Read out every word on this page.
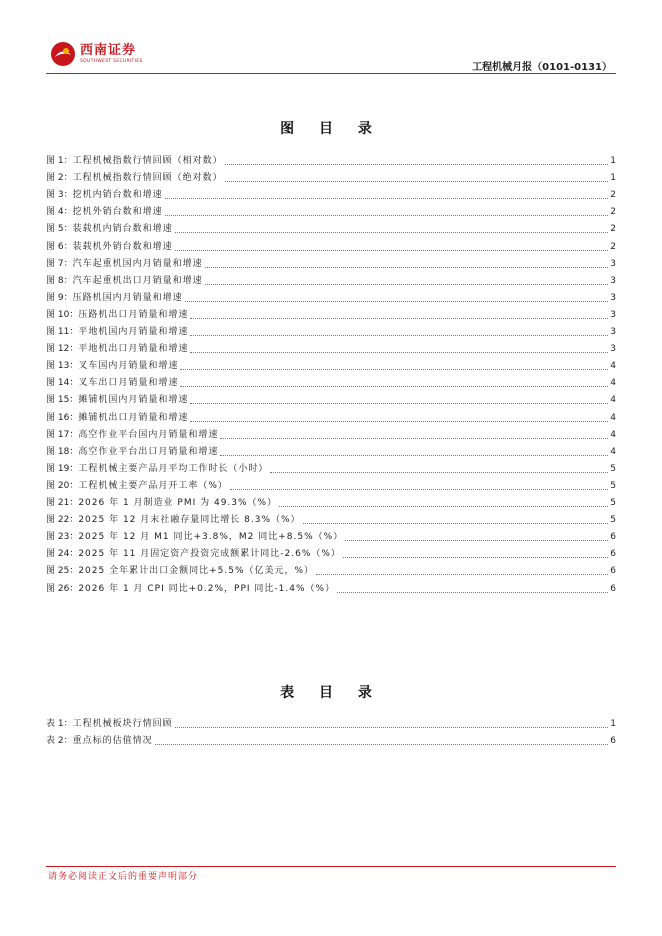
西南证券
SOUTHWEST SECURITIES
工程机械月报（0101-0131）
图 目 录
图 1： 工程机械指数行情回顾（相对数）	1
图 2： 工程机械指数行情回顾（绝对数）	1
图 3： 挖机内销台数和增速	2
图 4： 挖机外销台数和增速	2
图 5： 装载机内销台数和增速	2
图 6： 装载机外销台数和增速	2
图 7： 汽车起重机国内月销量和增速	3
图 8： 汽车起重机出口月销量和增速	3
图 9： 压路机国内月销量和增速	3
图 10： 压路机出口月销量和增速	3
图 11： 平地机国内月销量和增速	3
图 12： 平地机出口月销量和增速	3
图 13： 叉车国内月销量和增速	4
图 14： 叉车出口月销量和增速	4
图 15： 摊铺机国内月销量和增速	4
图 16： 摊铺机出口月销量和增速	4
图 17： 高空作业平台国内月销量和增速	4
图 18： 高空作业平台出口月销量和增速	4
图 19： 工程机械主要产品月平均工作时长（小时）	5
图 20： 工程机械主要产品月开工率（%）	5
图 21： 2026 年 1 月制造业 PMI 为 49.3%（%）	5
图 22： 2025 年 12 月末社融存量同比增长 8.3%（%）	5
图 23： 2025 年 12 月 M1 同比+3.8%，M2 同比+8.5%（%）	6
图 24： 2025 年 11 月固定资产投资完成额累计同比-2.6%（%）	6
图 25： 2025 全年累计出口金额同比+5.5%（亿美元，%）	6
图 26： 2026 年 1 月 CPI 同比+0.2%，PPI 同比-1.4%（%）	6
表 目 录
表 1： 工程机械板块行情回顾	1
表 2： 重点标的估值情况	6
请务必阅读正文后的重要声明部分
